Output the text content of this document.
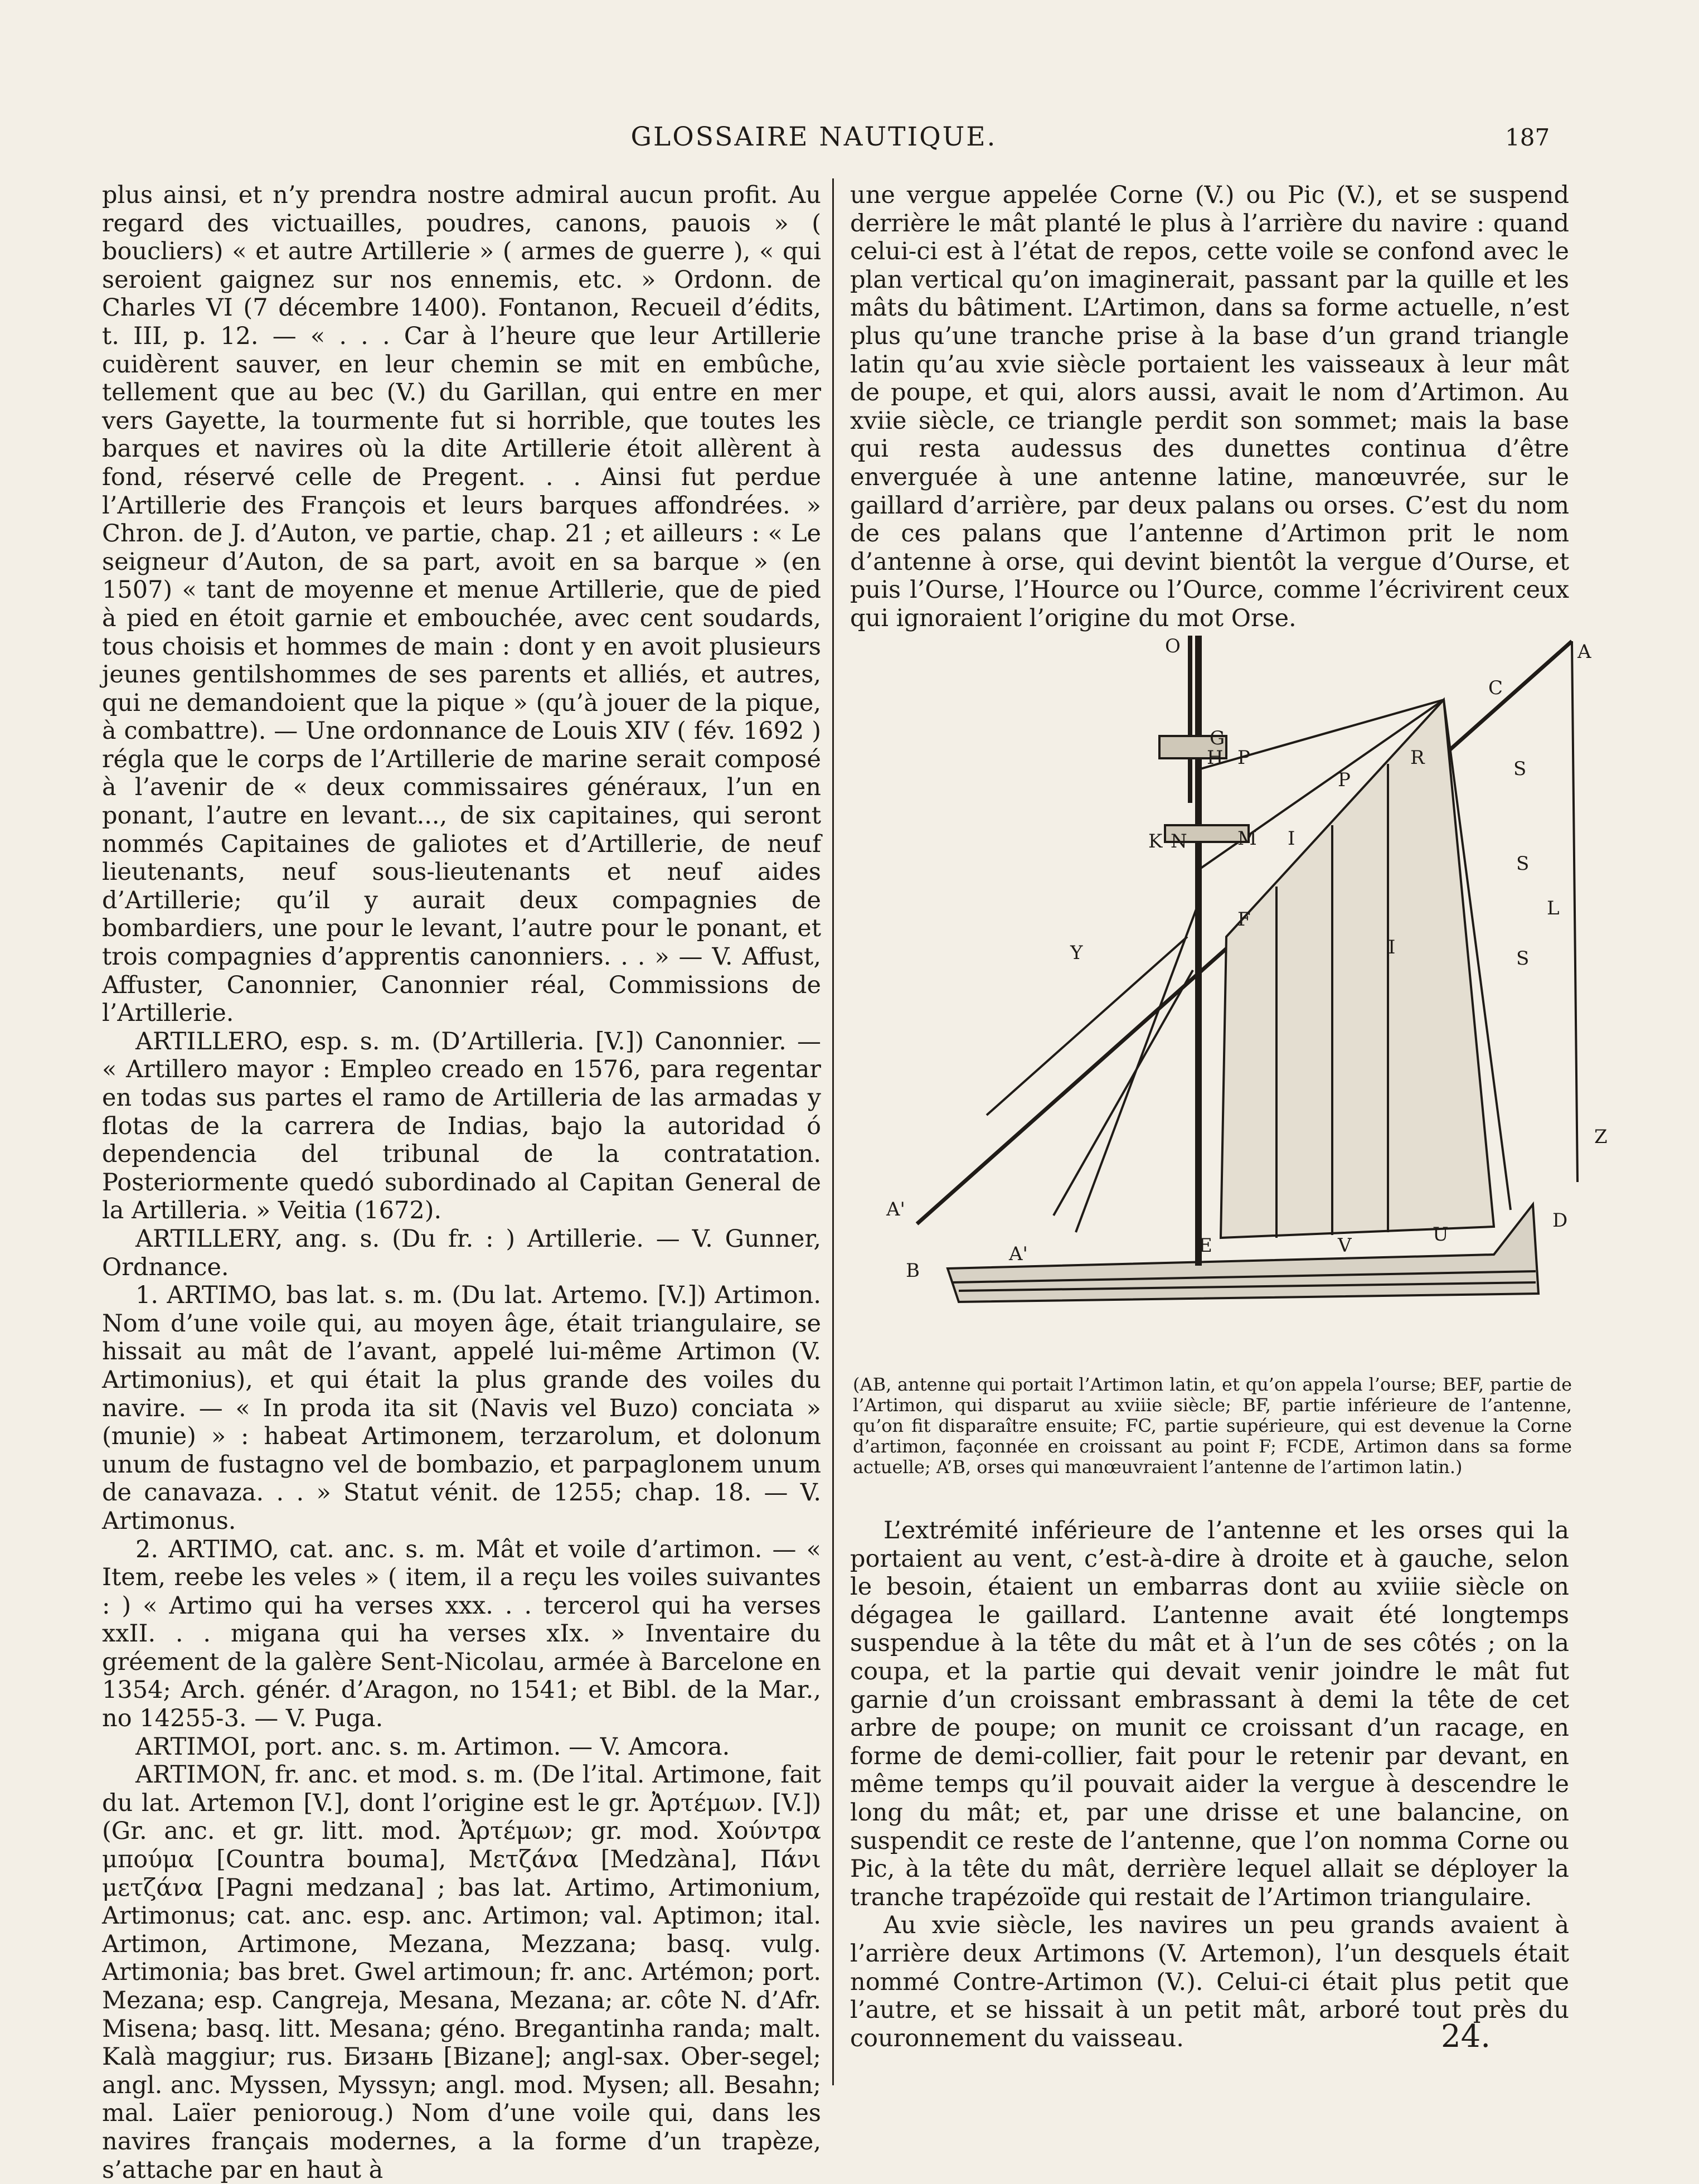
GLOSSAIRE NAUTIQUE.	187

plus ainsi, et n’y prendra nostre admiral aucun profit. Au regard des victuailles, poudres, canons, pauois » ( boucliers) « et autre Artillerie » ( armes de guerre ), « qui seroient gaignez sur nos ennemis, etc. » Ordonn. de Charles VI (7 décembre 1400). Fontanon, Recueil d’édits, t. III, p. 12. — « . . . Car à l’heure que leur Artillerie cuidèrent sauver, en leur chemin se mit en embûche, tellement que au bec (V.) du Garillan, qui entre en mer vers Gayette, la tourmente fut si horrible, que toutes les barques et navires où la dite Artillerie étoit allèrent à fond, réservé celle de Pregent. . . Ainsi fut perdue l’Artillerie des François et leurs barques affondrées. » Chron. de J. d’Auton, ve partie, chap. 21 ; et ailleurs : « Le seigneur d’Auton, de sa part, avoit en sa barque » (en 1507) « tant de moyenne et menue Artillerie, que de pied à pied en étoit garnie et embouchée, avec cent soudards, tous choisis et hommes de main : dont y en avoit plusieurs jeunes gentilshommes de ses parents et alliés, et autres, qui ne demandoient que la pique » (qu’à jouer de la pique, à combattre). — Une ordonnance de Louis XIV ( fév. 1692 ) régla que le corps de l’Artillerie de marine serait composé à l’avenir de « deux commissaires généraux, l’un en ponant, l’autre en levant..., de six capitaines, qui seront nommés Capitaines de galiotes et d’Artillerie, de neuf lieutenants, neuf sous-lieutenants et neuf aides d’Artillerie; qu’il y aurait deux compagnies de bombardiers, une pour le levant, l’autre pour le ponant, et trois compagnies d’apprentis canonniers. . . » — V. Affust, Affuster, Canonnier, Canonnier réal, Commissions de l’Artillerie.

ARTILLERO, esp. s. m. (D’Artilleria. [V.]) Canonnier. — « Artillero mayor : Empleo creado en 1576, para regentar en todas sus partes el ramo de Artilleria de las armadas y flotas de la carrera de Indias, bajo la autoridad ó dependencia del tribunal de la contratation. Posteriormente quedó subordinado al Capitan General de la Artilleria. » Veitia (1672).

ARTILLERY, ang. s. (Du fr. : ) Artillerie. — V. Gunner, Ordnance.

1. ARTIMO, bas lat. s. m. (Du lat. Artemo. [V.]) Artimon. Nom d’une voile qui, au moyen âge, était triangulaire, se hissait au mât de l’avant, appelé lui-même Artimon (V. Artimonius), et qui était la plus grande des voiles du navire. — « In proda ita sit (Navis vel Buzo) conciata » (munie) » : habeat Artimonem, terzarolum, et dolonum unum de fustagno vel de bombazio, et parpaglonem unum de canavaza. . . » Statut vénit. de 1255; chap. 18. — V. Artimonus.

2. ARTIMO, cat. anc. s. m. Mât et voile d’artimon. — « Item, reebe les veles » ( item, il a reçu les voiles suivantes : ) « Artimo qui ha verses xxx. . . tercerol qui ha verses xxII. . . migana qui ha verses xIx. » Inventaire du gréement de la galère Sent-Nicolau, armée à Barcelone en 1354; Arch. génér. d’Aragon, no 1541; et Bibl. de la Mar., no 14255-3. — V. Puga.

ARTIMOI, port. anc. s. m. Artimon. — V. Amcora.

ARTIMON, fr. anc. et mod. s. m. (De l’ital. Artimone, fait du lat. Artemon [V.], dont l’origine est le gr. Ἀρτέμων. [V.]) (Gr. anc. et gr. litt. mod. Ἀρτέμων; gr. mod. Χούντρα μπούμα [Countra bouma], Μετζάνα [Medzàna], Πάνι μετζάνα [Pagni medzana] ; bas lat. Artimo, Artimonium, Artimonus; cat. anc. esp. anc. Artimon; val. Aptimon; ital. Artimon, Artimone, Mezana, Mezzana; basq. vulg. Artimonia; bas bret. Gwel artimoun; fr. anc. Artémon; port. Mezana; esp. Cangreja, Mesana, Mezana; ar. côte N. d’Afr. Misena; basq. litt. Mesana; géno. Bregantinha randa; malt. Kalà maggiur; rus. Бизань [Bizane]; angl-sax. Ober-segel; angl. anc. Myssen, Myssyn; angl. mod. Mysen; all. Besahn; mal. Laïer penioroug.) Nom d’une voile qui, dans les navires français modernes, a la forme d’un trapèze, s’attache par en haut à

une vergue appelée Corne (V.) ou Pic (V.), et se suspend derrière le mât planté le plus à l’arrière du navire : quand celui-ci est à l’état de repos, cette voile se confond avec le plan vertical qu’on imaginerait, passant par la quille et les mâts du bâtiment. L’Artimon, dans sa forme actuelle, n’est plus qu’une tranche prise à la base d’un grand triangle latin qu’au xvie siècle portaient les vaisseaux à leur mât de poupe, et qui, alors aussi, avait le nom d’Artimon. Au xviie siècle, ce triangle perdit son sommet; mais la base qui resta audessus des dunettes continua d’être enverguée à une antenne latine, manœuvrée, sur le gaillard d’arrière, par deux palans ou orses. C’est du nom de ces palans que l’antenne d’Artimon prit le nom d’antenne à orse, qui devint bientôt la vergue d’Ourse, et puis l’Ourse, l’Hource ou l’Ource, comme l’écrivirent ceux qui ignoraient l’origine du mot Orse.

O	A
C
G
H P
P
R
K N	M I
S
S
L
S
F
Y	I
Z
A'
B
A'	E	V	U
D
(AB, antenne qui portait l’Artimon latin, et qu’on appela l’ourse; BEF, partie de l’Artimon, qui disparut au xviiie siècle; BF, partie inférieure de l’antenne, qu’on fit disparaître ensuite; FC, partie supérieure, qui est devenue la Corne d’artimon, façonnée en croissant au point F; FCDE, Artimon dans sa forme actuelle; A’B, orses qui manœuvraient l’antenne de l’artimon latin.)

L’extrémité inférieure de l’antenne et les orses qui la portaient au vent, c’est-à-dire à droite et à gauche, selon le besoin, étaient un embarras dont au xviiie siècle on dégagea le gaillard. L’antenne avait été longtemps suspendue à la tête du mât et à l’un de ses côtés ; on la coupa, et la partie qui devait venir joindre le mât fut garnie d’un croissant embrassant à demi la tête de cet arbre de poupe; on munit ce croissant d’un racage, en forme de demi-collier, fait pour le retenir par devant, en même temps qu’il pouvait aider la vergue à descendre le long du mât; et, par une drisse et une balancine, on suspendit ce reste de l’antenne, que l’on nomma Corne ou Pic, à la tête du mât, derrière lequel allait se déployer la tranche trapézoïde qui restait de l’Artimon triangulaire.

Au xvie siècle, les navires un peu grands avaient à l’arrière deux Artimons (V. Artemon), l’un desquels était nommé Contre-Artimon (V.). Celui-ci était plus petit que l’autre, et se hissait à un petit mât, arboré tout près du couronnement du vaisseau.	24.
